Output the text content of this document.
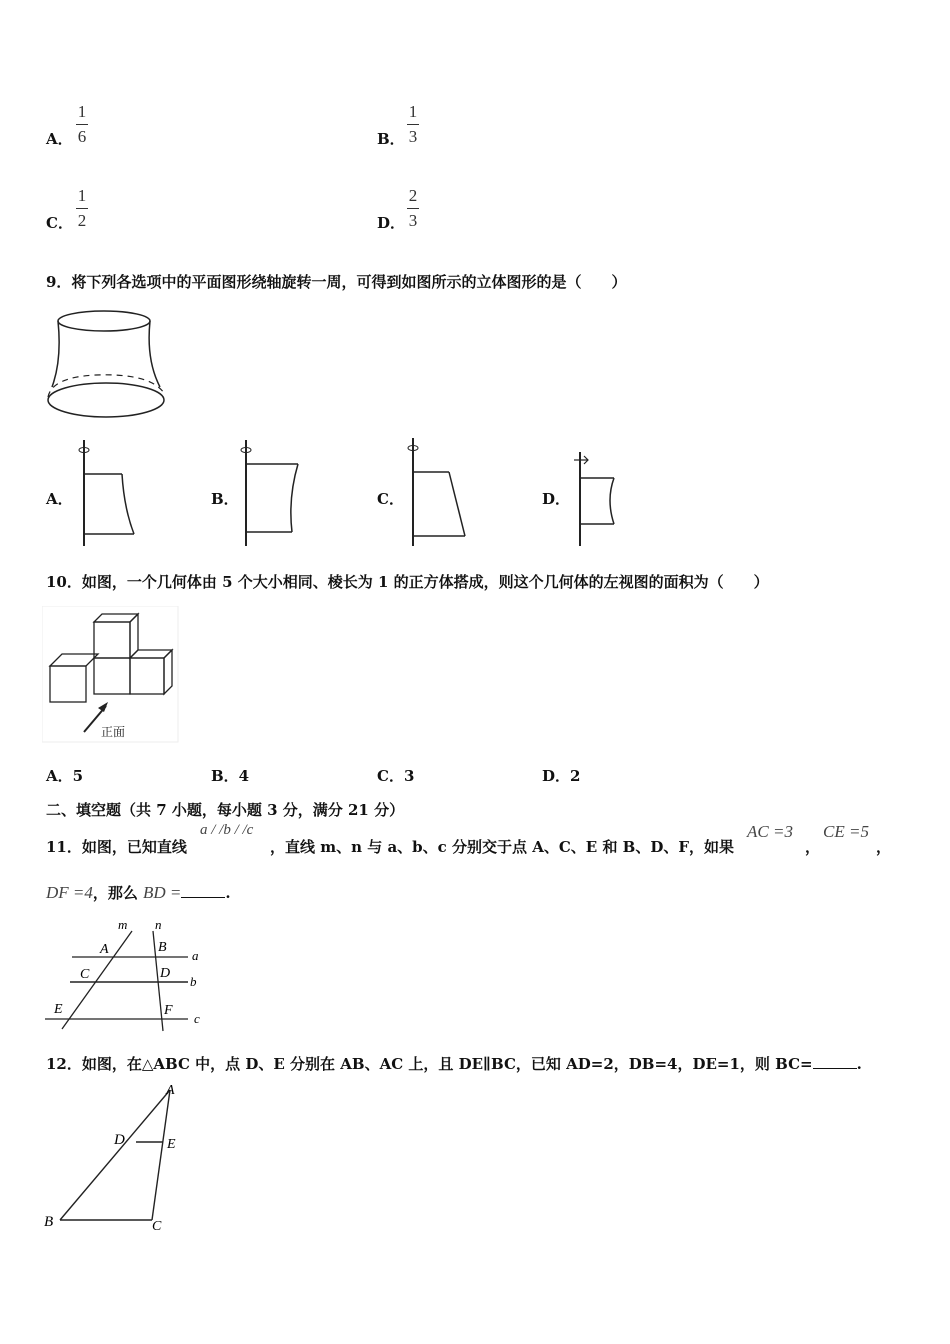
A．
1
6	B．
1
3
C．
1
2	D．
2
3
9．将下列各选项中的平面图形绕轴旋转一周，可得到如图所示的立体图形的是（　　）
A．	B．	C．	D．
10．如图，一个几何体由 5 个大小相同、棱长为 1 的正方体搭成，则这个几何体的左视图的面积为（　　）
正面
A．5	B．4	C．3	D．2
二、填空题（共 7 小题，每小题 3 分，满分 21 分）
11．如图，已知直线
a / /b / /c
，直线 m、n 与 a、b、c 分别交于点 A、C、E 和 B、D、F，如果
AC =3
，
CE =5
，
DF =4，那么 BD =	.
m n
A	B
C	D
E	F
a
b
c
12．如图，在△ABC 中，点 D、E 分别在 AB、AC 上，且 DE∥BC，已知 AD=2，DB=4，DE=1，则 BC=	.
A
D	E
B	C
